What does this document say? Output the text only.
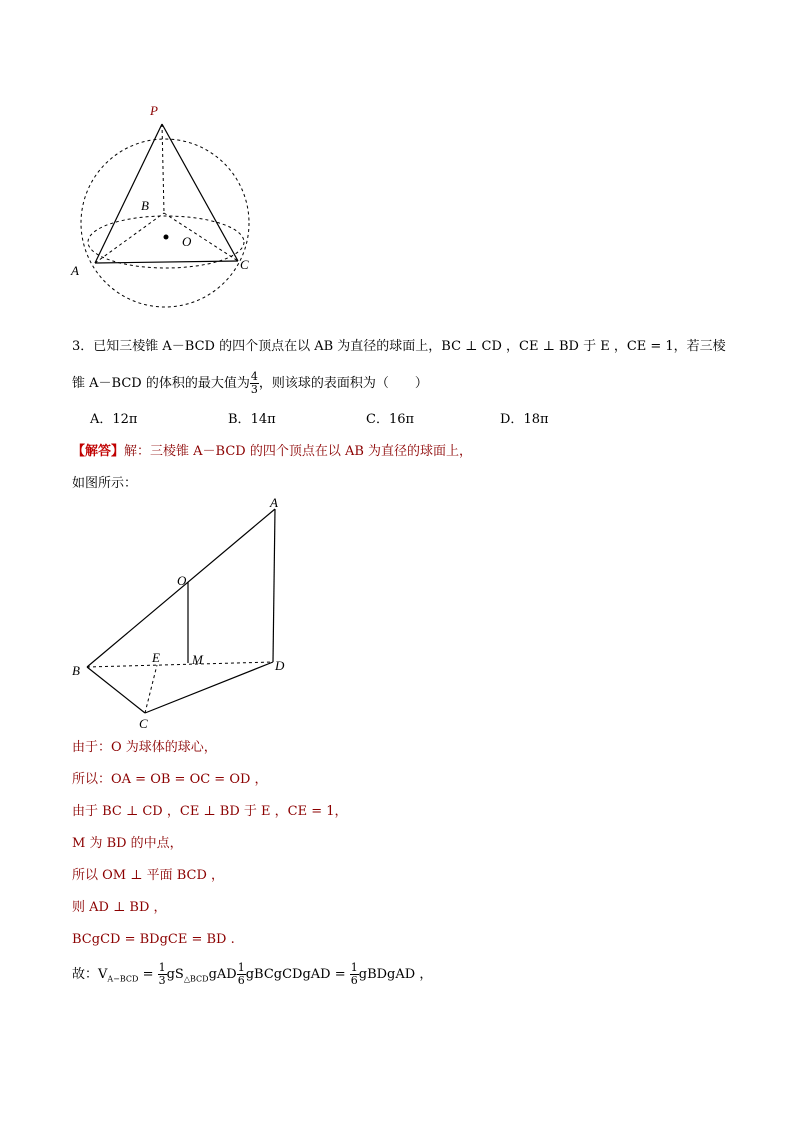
P
B
O
A	C
3．已知三棱锥 A－BCD 的四个顶点在以 AB 为直径的球面上，BC ⊥ CD ，CE ⊥ BD 于 E ，CE = 1，若三棱
锥 A－BCD 的体积的最大值为 $\frac{4}{3}$ ，则该球的表面积为（　　）
A．12π	B．14π	C．16π	D．18π
【解答】解：三棱锥 A－BCD 的四个顶点在以 AB 为直径的球面上，
如图所示：
A
O
B
E M	D
C
由于：O 为球体的球心，
所以：OA = OB = OC = OD ，
由于 BC ⊥ CD ，CE ⊥ BD 于 E ，CE = 1，
M 为 BD 的中点，
所以 OM ⊥ 平面 BCD ，
则 AD ⊥ BD ，
BCgCD = BDgCE = BD .
故：$V_{A-BCD} = \frac{1}{3} gS_{\triangle BCD}gAD \frac{1}{6}$ gBCgCDgAD = $\frac{1}{6}$ gBDgAD ，
